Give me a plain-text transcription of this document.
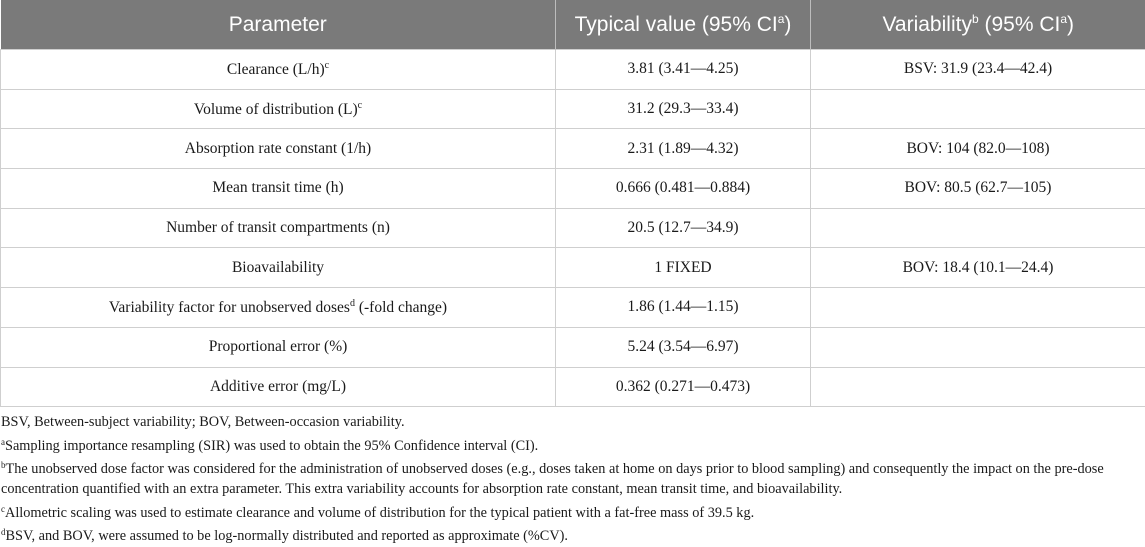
Parameter	Typical value (95% $CI^a$)	Variability$^b$ (95% $CI^a$)
Clearance $(L/h)^c$	3.81 (3.41—4.25)	BSV: 31.9 (23.4—42.4)
Volume of distribution $(L)^c$	31.2 (29.3—33.4)	
Absorption rate constant (1/h)	2.31 (1.89—4.32)	BOV: 104 (82.0—108)
Mean transit time (h)	0.666 (0.481—0.884)	BOV: 80.5 (62.7—105)
Number of transit compartments (n)	20.5 (12.7—34.9)	
Bioavailability	1 FIXED	BOV: 18.4 (10.1—24.4)
Variability factor for unobserved doses$^d$ (-fold change)	1.86 (1.44—1.15)	
Proportional error (%)	5.24 (3.54—6.97)	
Additive error (mg/L)	0.362 (0.271—0.473)	

BSV, Between-subject variability; BOV, Between-occasion variability.

$^a$Sampling importance resampling (SIR) was used to obtain the 95% Confidence interval (CI).

$^b$The unobserved dose factor was considered for the administration of unobserved doses (e.g., doses taken at home on days prior to blood sampling) and consequently the impact on the pre-dose concentration quantified with an extra parameter. This extra variability accounts for absorption rate constant, mean transit time, and bioavailability.

$^c$Allometric scaling was used to estimate clearance and volume of distribution for the typical patient with a fat-free mass of 39.5 kg.

$^d$BSV, and BOV, were assumed to be log-normally distributed and reported as approximate (%CV).
